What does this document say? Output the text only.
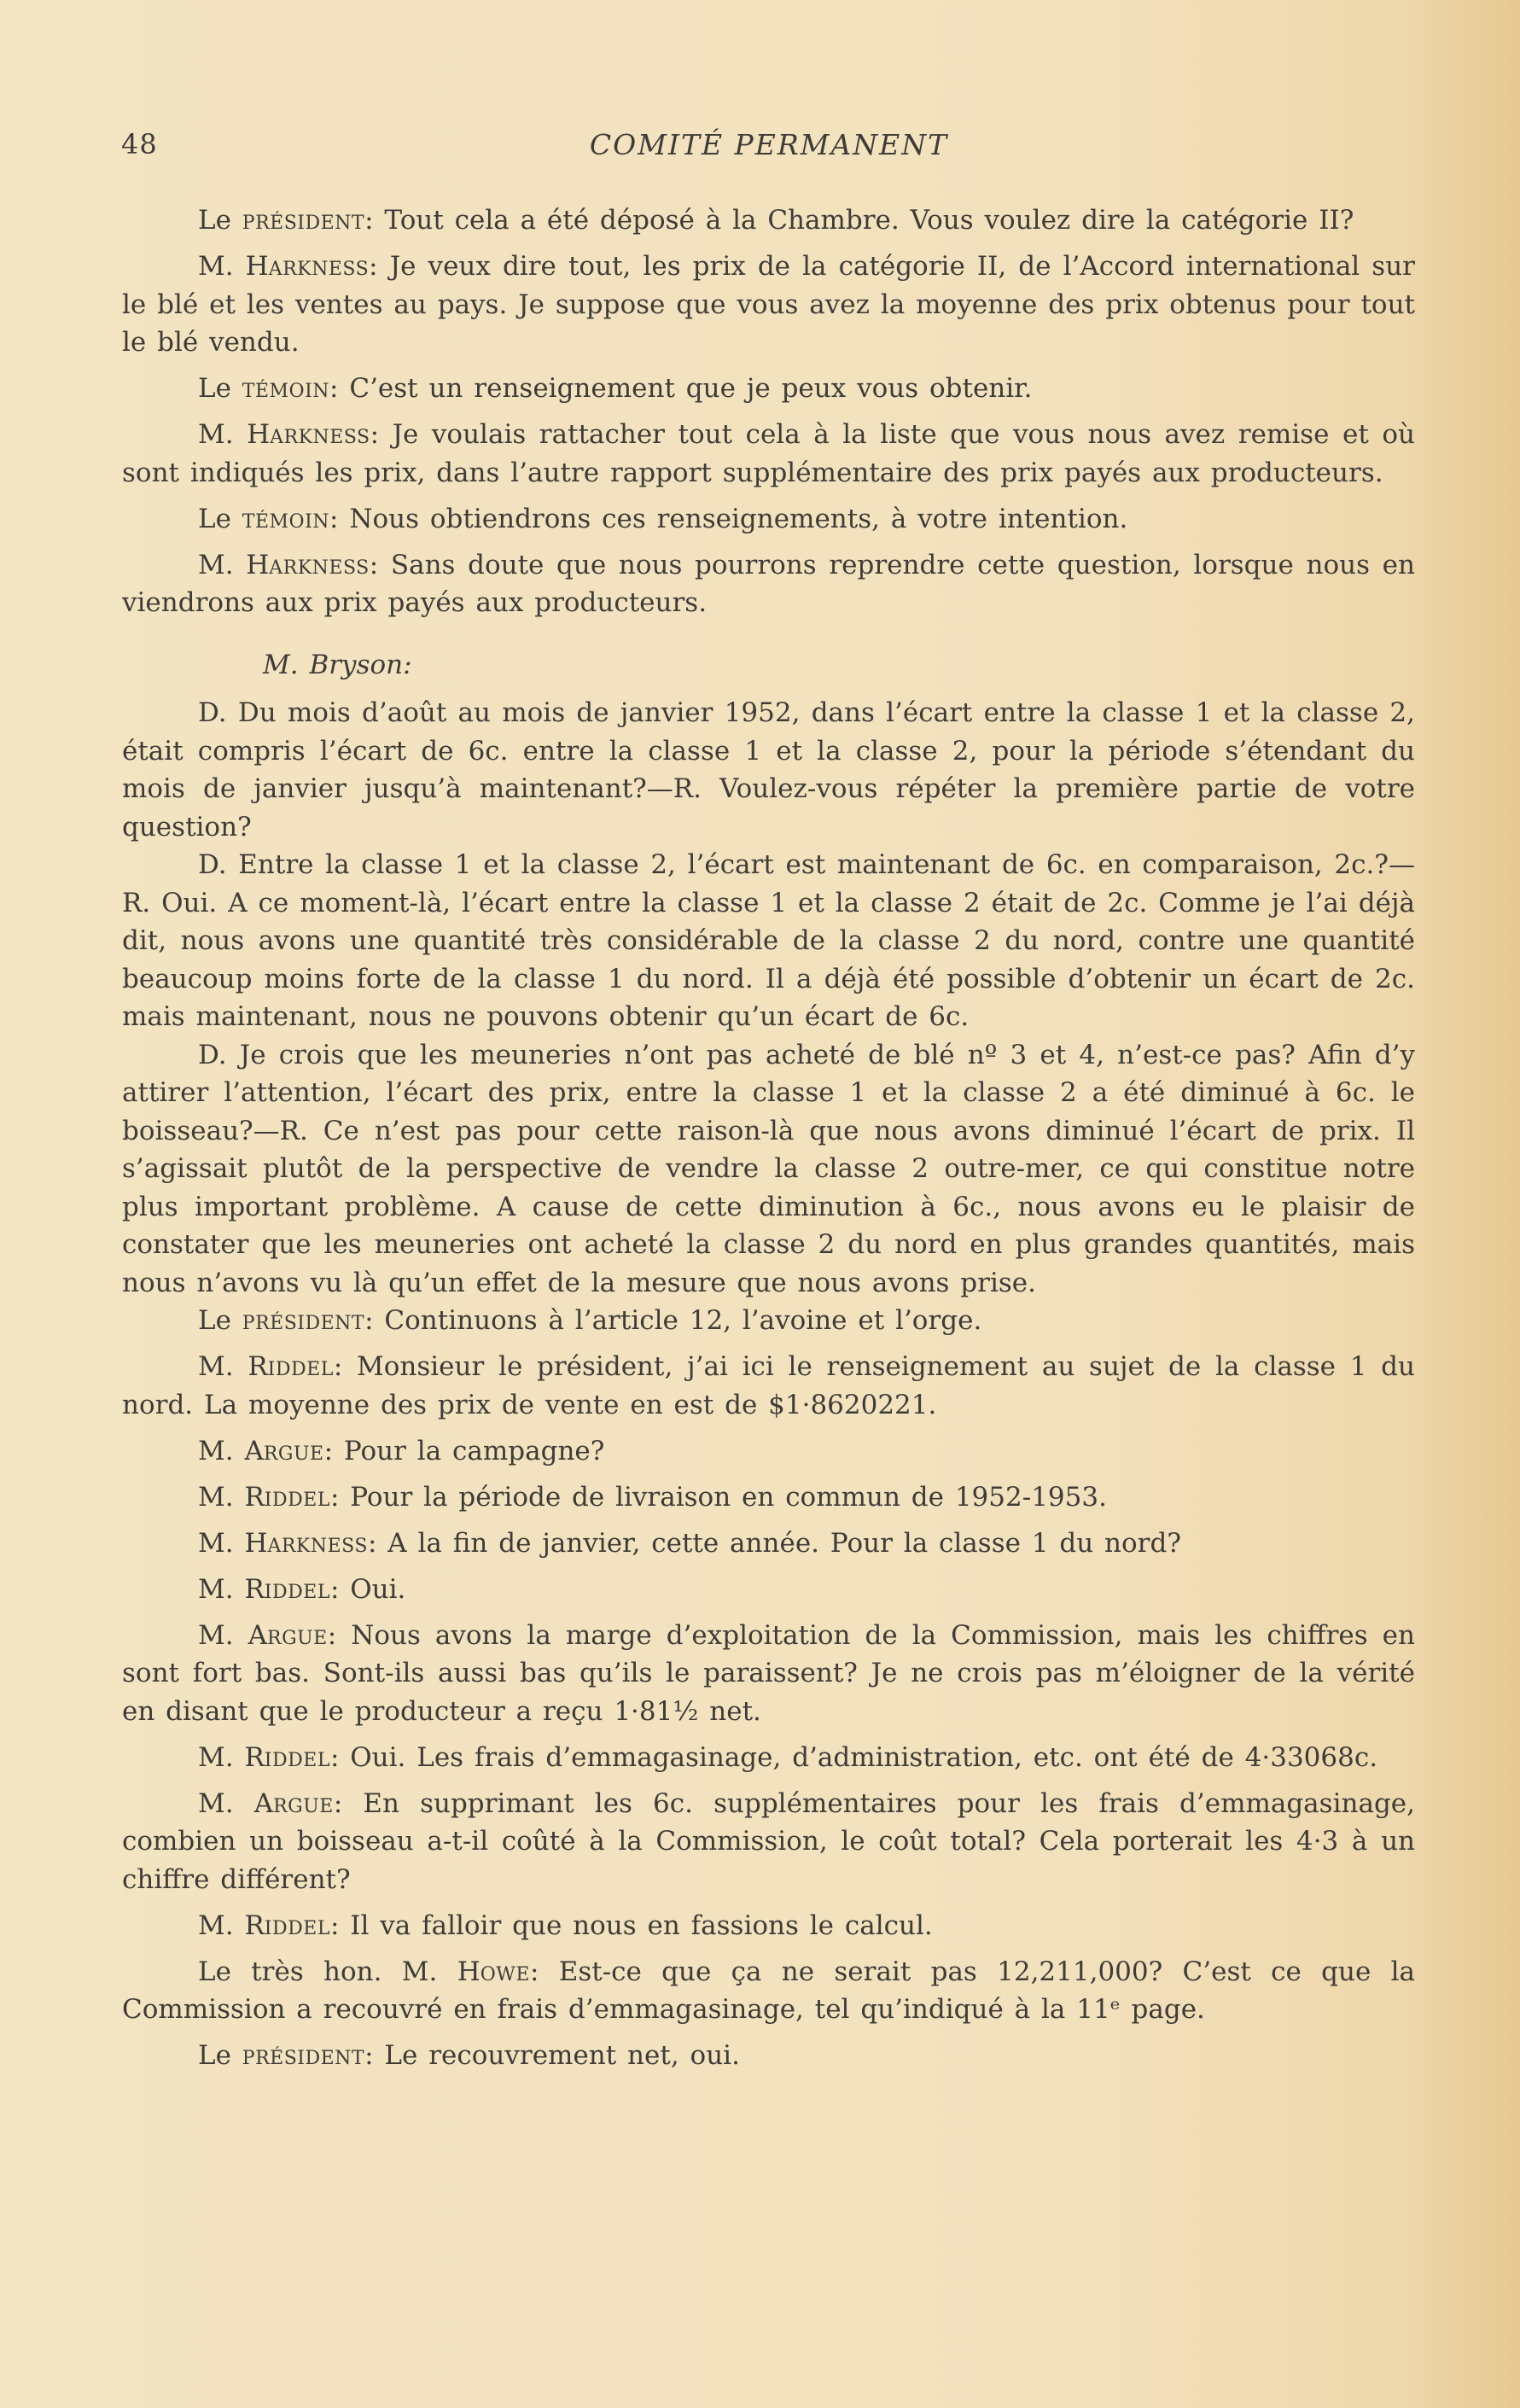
48	COMITÉ PERMANENT

Le président: Tout cela a été déposé à la Chambre. Vous voulez dire la catégorie II?

M. Harkness: Je veux dire tout, les prix de la catégorie II, de l’Accord international sur le blé et les ventes au pays. Je suppose que vous avez la moyenne des prix obtenus pour tout le blé vendu.

Le témoin: C’est un renseignement que je peux vous obtenir.

M. Harkness: Je voulais rattacher tout cela à la liste que vous nous avez remise et où sont indiqués les prix, dans l’autre rapport supplémentaire des prix payés aux producteurs.

Le témoin: Nous obtiendrons ces renseignements, à votre intention.

M. Harkness: Sans doute que nous pourrons reprendre cette question, lorsque nous en viendrons aux prix payés aux producteurs.

M. Bryson:

D. Du mois d’août au mois de janvier 1952, dans l’écart entre la classe 1 et la classe 2, était compris l’écart de 6c. entre la classe 1 et la classe 2, pour la période s’étendant du mois de janvier jusqu’à maintenant?—R. Voulez-vous répéter la première partie de votre question?

D. Entre la classe 1 et la classe 2, l’écart est maintenant de 6c. en comparaison, 2c.?—R. Oui. A ce moment-là, l’écart entre la classe 1 et la classe 2 était de 2c. Comme je l’ai déjà dit, nous avons une quantité très considérable de la classe 2 du nord, contre une quantité beaucoup moins forte de la classe 1 du nord. Il a déjà été possible d’obtenir un écart de 2c. mais maintenant, nous ne pouvons obtenir qu’un écart de 6c.

D. Je crois que les meuneries n’ont pas acheté de blé nº 3 et 4, n’est-ce pas? Afin d’y attirer l’attention, l’écart des prix, entre la classe 1 et la classe 2 a été diminué à 6c. le boisseau?—R. Ce n’est pas pour cette raison-là que nous avons diminué l’écart de prix. Il s’agissait plutôt de la perspective de vendre la classe 2 outre-mer, ce qui constitue notre plus important problème. A cause de cette diminution à 6c., nous avons eu le plaisir de constater que les meuneries ont acheté la classe 2 du nord en plus grandes quantités, mais nous n’avons vu là qu’un effet de la mesure que nous avons prise.

Le président: Continuons à l’article 12, l’avoine et l’orge.

M. Riddel: Monsieur le président, j’ai ici le renseignement au sujet de la classe 1 du nord. La moyenne des prix de vente en est de $1·8620221.

M. Argue: Pour la campagne?

M. Riddel: Pour la période de livraison en commun de 1952-1953.

M. Harkness: A la fin de janvier, cette année. Pour la classe 1 du nord?

M. Riddel: Oui.

M. Argue: Nous avons la marge d’exploitation de la Commission, mais les chiffres en sont fort bas. Sont-ils aussi bas qu’ils le paraissent? Je ne crois pas m’éloigner de la vérité en disant que le producteur a reçu 1·81½ net.

M. Riddel: Oui. Les frais d’emmagasinage, d’administration, etc. ont été de 4·33068c.

M. Argue: En supprimant les 6c. supplémentaires pour les frais d’emmagasinage, combien un boisseau a-t-il coûté à la Commission, le coût total? Cela porterait les 4·3 à un chiffre différent?

M. Riddel: Il va falloir que nous en fassions le calcul.

Le très hon. M. Howe: Est-ce que ça ne serait pas 12,211,000? C’est ce que la Commission a recouvré en frais d’emmagasinage, tel qu’indiqué à la 11ᵉ page.

Le président: Le recouvrement net, oui.
